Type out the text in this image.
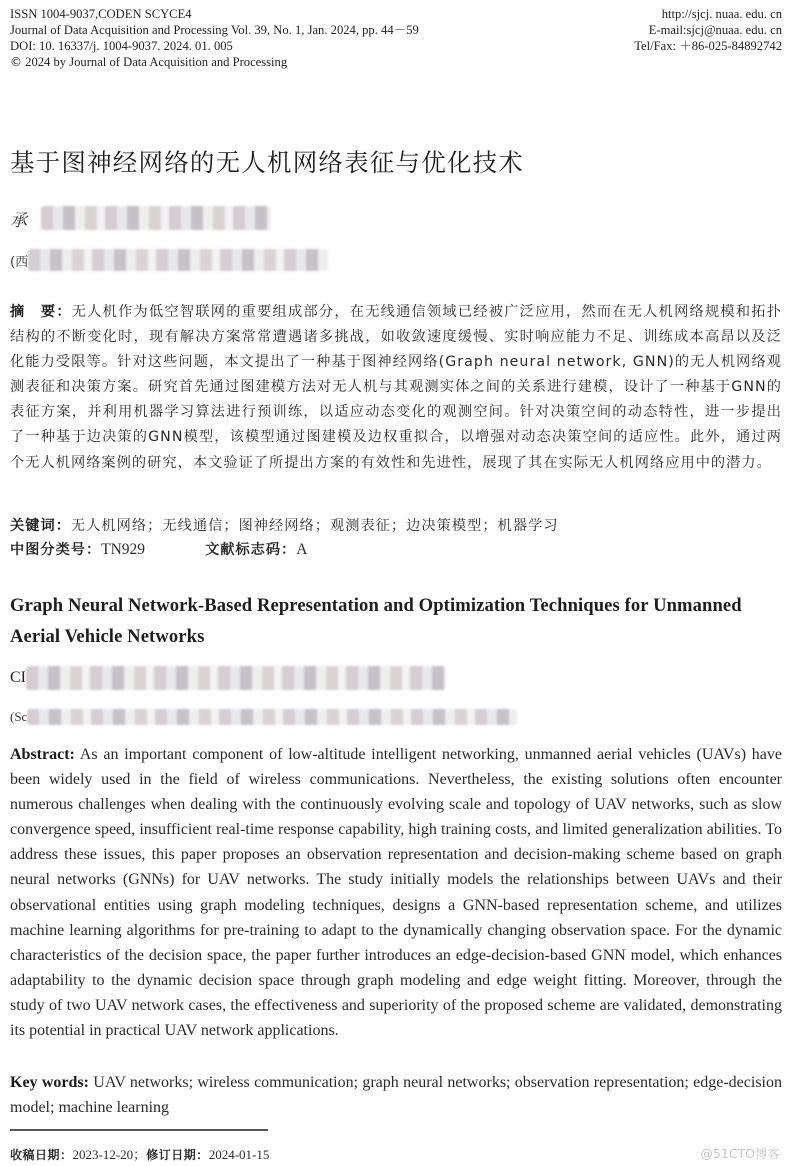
ISSN 1004-9037,CODEN SCYCE4
Journal of Data Acquisition and Processing Vol. 39, No. 1, Jan. 2024, pp. 44－59
DOI: 10. 16337/j. 1004-9037. 2024. 01. 005
© 2024 by Journal of Data Acquisition and Processing
http://sjcj. nuaa. edu. cn
E-mail:sjcj@nuaa. edu. cn
Tel/Fax: ＋86-025-84892742
基于图神经网络的无人机网络表征与优化技术
承
(西
摘　要：无人机作为低空智联网的重要组成部分，在无线通信领域已经被广泛应用，然而在无人机网络规模和拓扑结构的不断变化时，现有解决方案常常遭遇诸多挑战，如收敛速度缓慢、实时响应能力不足、训练成本高昂以及泛化能力受限等。针对这些问题，本文提出了一种基于图神经网络(Graph neural network, GNN)的无人机网络观测表征和决策方案。研究首先通过图建模方法对无人机与其观测实体之间的关系进行建模，设计了一种基于GNN的表征方案，并利用机器学习算法进行预训练，以适应动态变化的观测空间。针对决策空间的动态特性，进一步提出了一种基于边决策的GNN模型，该模型通过图建模及边权重拟合，以增强对动态决策空间的适应性。此外，通过两个无人机网络案例的研究，本文验证了所提出方案的有效性和先进性，展现了其在实际无人机网络应用中的潜力。
关键词：无人机网络；无线通信；图神经网络；观测表征；边决策模型；机器学习
中图分类号：TN929	文献标志码：A
Graph Neural Network-Based Representation and Optimization Techniques for Unmanned Aerial Vehicle Networks
CI
(Sc
Abstract: As an important component of low-altitude intelligent networking, unmanned aerial vehicles (UAVs) have been widely used in the field of wireless communications. Nevertheless, the existing solutions often encounter numerous challenges when dealing with the continuously evolving scale and topology of UAV networks, such as slow convergence speed, insufficient real-time response capability, high training costs, and limited generalization abilities. To address these issues, this paper proposes an observation representation and decision-making scheme based on graph neural networks (GNNs) for UAV networks. The study initially models the relationships between UAVs and their observational entities using graph modeling techniques, designs a GNN-based representation scheme, and utilizes machine learning algorithms for pre-training to adapt to the dynamically changing observation space. For the dynamic characteristics of the decision space, the paper further introduces an edge-decision-based GNN model, which enhances adaptability to the dynamic decision space through graph modeling and edge weight fitting. Moreover, through the study of two UAV network cases, the effectiveness and superiority of the proposed scheme are validated, demonstrating its potential in practical UAV network applications.
Key words: UAV networks; wireless communication; graph neural networks; observation representation; edge-decision model; machine learning
收稿日期：2023-12-20；修订日期：2024-01-15	@51CTO博客
